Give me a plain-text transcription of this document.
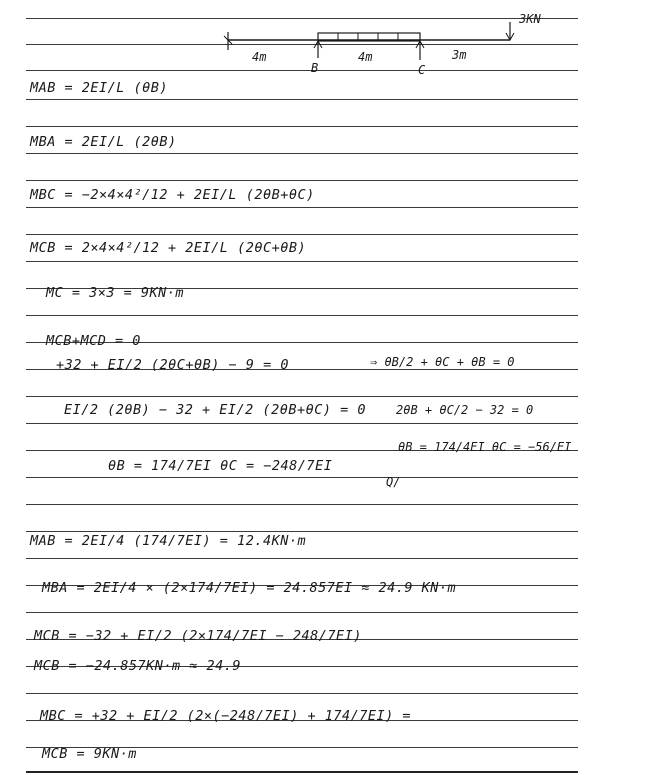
3KN
4m	4m	3m
B	C
MAB = 2EI/L (θB)
MBA = 2EI/L (2θB)
MBC = −2×4×4²/12 + 2EI/L (2θB+θC)
MCB = 2×4×4²/12 + 2EI/L (2θC+θB)
MC = 3×3 = 9KN·m
MCB+MCD = 0
+32 + EI/2 (2θC+θB) − 9 = 0
EI/2 (2θB) − 32 + EI/2 (2θB+θC) = 0
θB = 174/7EI θC = −248/7EI
MAB = 2EI/4 (174/7EI) = 12.4KN·m
MBA = 2EI/4 × (2×174/7EI) = 24.857EI ≈ 24.9 KN·m
MCB = −32 + EI/2 (2×174/7EI − 248/7EI)
MCB = −24.857KN·m ≈ 24.9
MBC = +32 + EI/2 (2×(−248/7EI) + 174/7EI) =
MCB = 9KN·m
⇒ θB/2 + θC + θB = 0
2θB + θC/2 − 32 = 0
θB = 174/4EI θC = −56/EI
Q/
